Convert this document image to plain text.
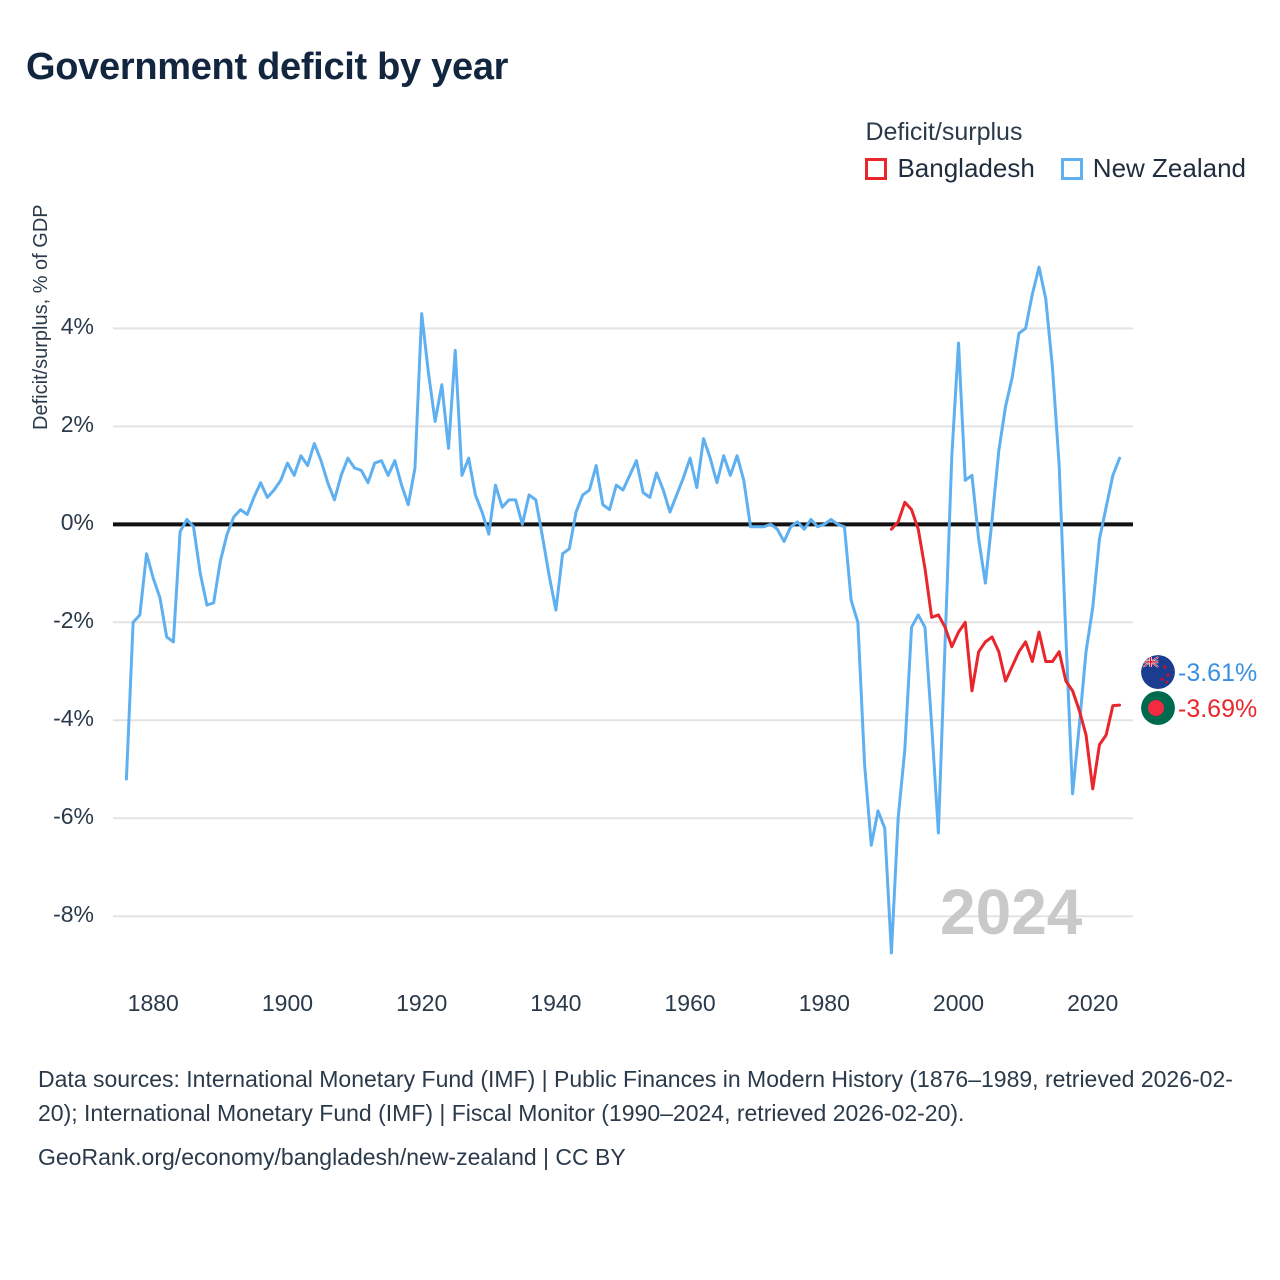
Government deficit by year
Deficit/surplus
Bangladesh New Zealand
Deficit/surplus, % of GDP
-8%
-6%
-4%
-2%
0%
2%
4%
1880	1900	1920	1940	1960	1980	2000	2020
2024
-3.61%
-3.69%
Data sources: International Monetary Fund (IMF) | Public Finances in Modern History (1876–1989, retrieved 2026-02-20); International Monetary Fund (IMF) | Fiscal Monitor (1990–2024, retrieved 2026-02-20).
GeoRank.org/economy/bangladesh/new-zealand | CC BY
